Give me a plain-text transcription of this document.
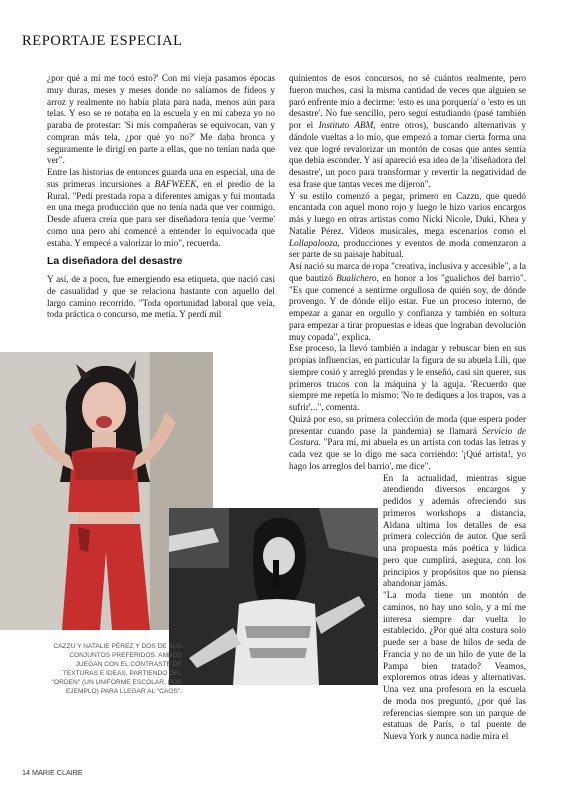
REPORTAJE ESPECIAL

¿por qué a mí me tocó esto?' Con mi vieja pasamos épocas muy duras, meses y meses donde no salíamos de fideos y arroz y realmente no había plata para nada, menos aún para telas. Y eso se re notaba en la escuela y en mi cabeza yo no paraba de protestar: 'Si mis compañeras se equivocan, van y compran más tela, ¿por qué yo no?' Me daba bronca y seguramente le dirigí en parte a ellas, que no tenían nada que ver".

Entre las historias de entonces guarda una en especial, una de sus primeras incursiones a BAFWEEK, en el predio de la Rural. "Pedí prestada ropa a diferentes amigas y fui montada en una mega producción que no tenía nada que ver conmigo. Desde afuera creía que para ser diseñadora tenía que 'verme' como una pero ahí comencé a entender lo equivocada que estaba. Y empecé a valorizar lo mío", recuerda.

La diseñadora del desastre

Y así, de a poco, fue emergiendo esa etiqueta, que nació casi de casualidad y que se relaciona bastante con aquello del largo camino recorrido. "Toda oportunidad laboral que veía, toda práctica o concurso, me metía. Y perdí mil

quinientos de esos concursos, no sé cuántos realmente, pero fueron muchos, casi la misma cantidad de veces que alguien se paró enfrente mío a decirme: 'esto es una porquería' o 'esto es un desastre'. No fue sencillo, pero seguí estudiando (pasé también por el Instituto ABM, entre otros), buscando alternativas y dándole vueltas a lo mío, que empezó a tomar cierta forma una vez que logré revalorizar un montón de cosas que antes sentía que debía esconder. Y así apareció esa idea de la 'diseñadora del desastre', un poco para transformar y revertir la negatividad de esa frase que tantas veces me dijeron".

Y su estilo comenzó a pegar, primero en Cazzu, que quedó encantada con aquel mono rojo y luego le hizo varios encargos más y luego en otras artistas como Nicki Nicole, Duki, Khea y Natalie Pérez. Videos musicales, mega escenarios como el Lollapalooza, producciones y eventos de moda comenzaron a ser parte de su paisaje habitual.

Así nació su marca de ropa "creativa, inclusiva y accesible", a la que bautizó Bualichero, en honor a los "gualichos del barrio". "Es que comencé a sentirme orgullosa de quién soy, de dónde provengo. Y de dónde elijo estar. Fue un proceso interno, de empezar a ganar en orgullo y confianza y también en soltura para empezar a tirar propuestas e ideas que lograban devolución muy copada", explica.

Ese proceso, la llevó también a indagar y rebuscar bien en sus propias influencias, en particular la figura de su abuela Lili, que siempre cosió y arregló prendas y le enseñó, casi sin querer, sus primeros trucos con la máquina y la aguja. 'Recuerdo que siempre me repetía lo mismo: 'No te dediques a los trapos, vas a sufrir'...", comenta.

Quizá por eso, su primera colección de moda (que espera poder presentar cuando pase la pandemia) se llamará Servicio de Costura. "Para mí, mi abuela es un artista con todas las letras y cada vez que se lo digo me saca corriendo: '¡Qué artista!, yo hago los arreglos del barrio', me dice".

En la actualidad, mientras sigue atendiendo diversos encargos y pedidos y además ofreciendo sus primeros workshops a distancia, Aldana ultima los detalles de esa primera colección de autor. Que será una propuesta más poética y lúdica pero que cumplirá, asegura, con los principios y propósitos que no piensa abandonar jamás.

"La moda tiene un montón de caminos, no hay uno solo, y a mí me interesa siempre dar vuelta lo establecido. ¿Por qué alta costura solo puede ser a base de hilos de seda de Francia y no de un hilo de yute de la Pampa bien tratado? Veamos, exploremos otras ideas y alternativas. Una vez una profesora en la escuela de moda nos preguntó, ¿por qué las referencias siempre son un parque de estatuas de París, o tal puente de Nueva York y nunca nadie mira el

CAZZU Y NATALIE PÉREZ Y DOS DE SUS CONJUNTOS PREFERIDOS. AMBOS JUEGAN CON EL CONTRASTE DE TEXTURAS E IDEAS, PARTIENDO DEL "ORDEN" (UN UNIFORME ESCOLAR, POR EJEMPLO) PARA LLEGAR AL "CAOS".
14 MARIE CLAIRE
